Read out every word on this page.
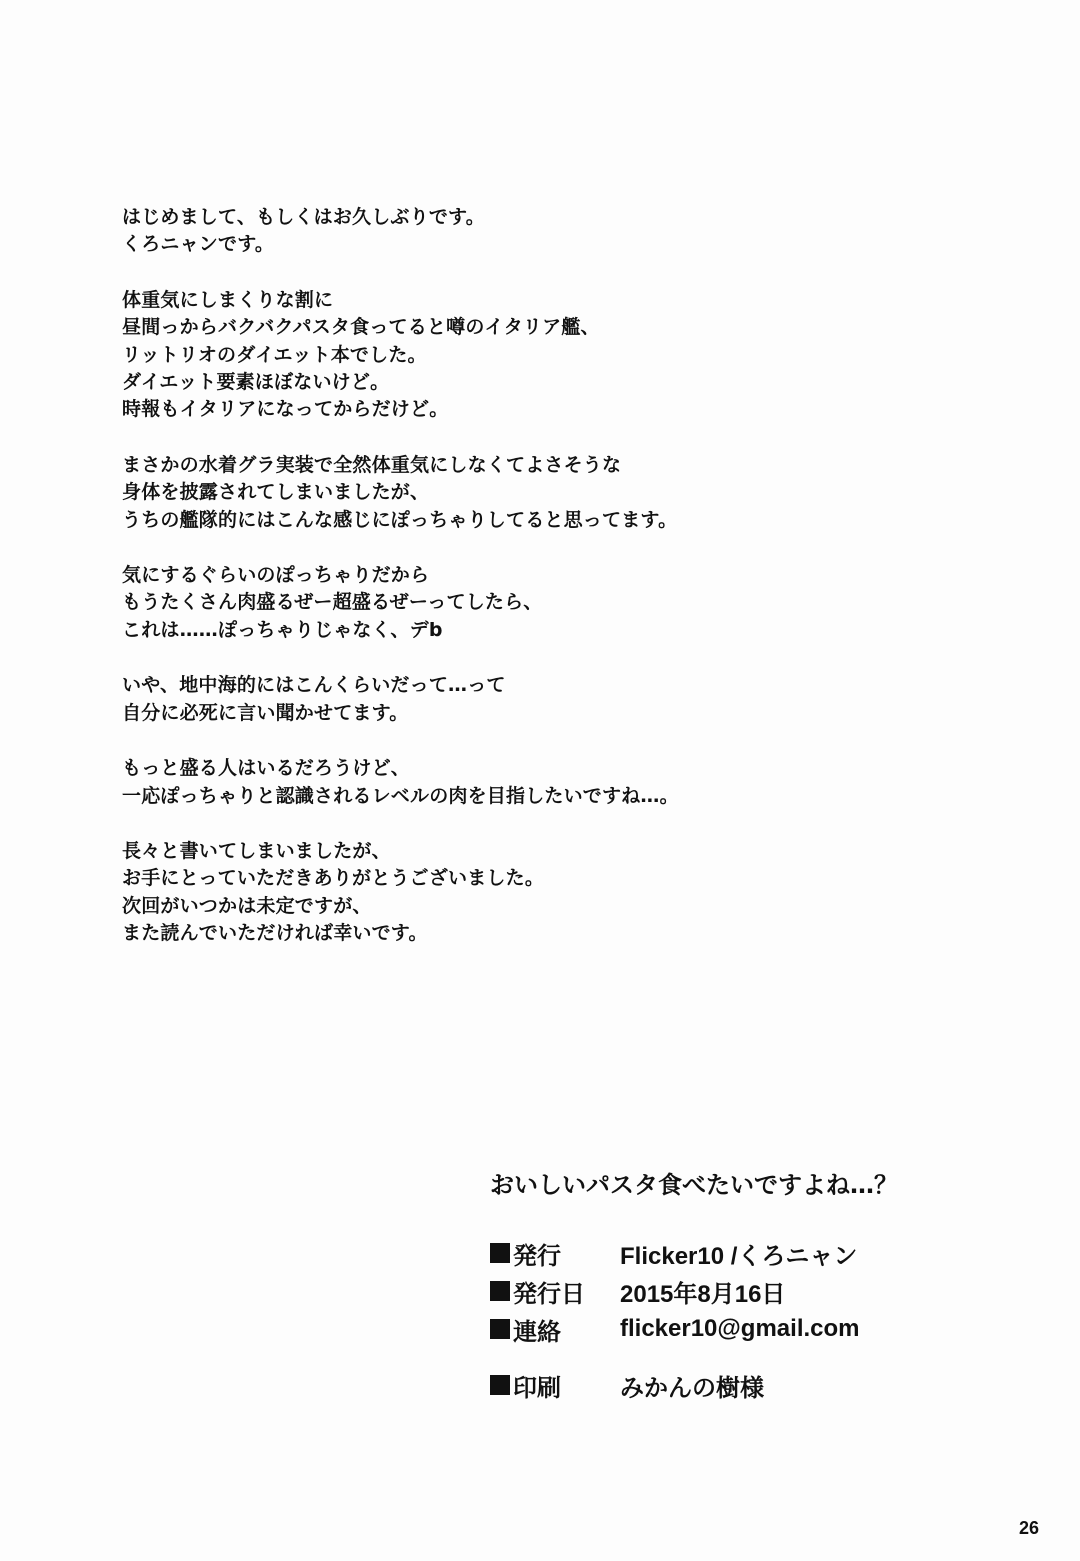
はじめまして、もしくはお久しぶりです。
くろニャンです。
体重気にしまくりな割に
昼間っからバクバクパスタ食ってると噂のイタリア艦、
リットリオのダイエット本でした。
ダイエット要素ほぼないけど。
時報もイタリアになってからだけど。
まさかの水着グラ実装で全然体重気にしなくてよさそうな
身体を披露されてしまいましたが、
うちの艦隊的にはこんな感じにぽっちゃりしてると思ってます。
気にするぐらいのぽっちゃりだから
もうたくさん肉盛るぜー超盛るぜーってしたら、
これは……ぽっちゃりじゃなく、デb
いや、地中海的にはこんくらいだって…って
自分に必死に言い聞かせてます。
もっと盛る人はいるだろうけど、
一応ぽっちゃりと認識されるレベルの肉を目指したいですね…。
長々と書いてしまいましたが、
お手にとっていただきありがとうございました。
次回がいつかは未定ですが、
また読んでいただければ幸いです。
おいしいパスタ食べたいですよね…？
発行	Flicker10 /くろニャン
発行日	2015年8月16日
連絡	flicker10@gmail.com
印刷	みかんの樹様
26
